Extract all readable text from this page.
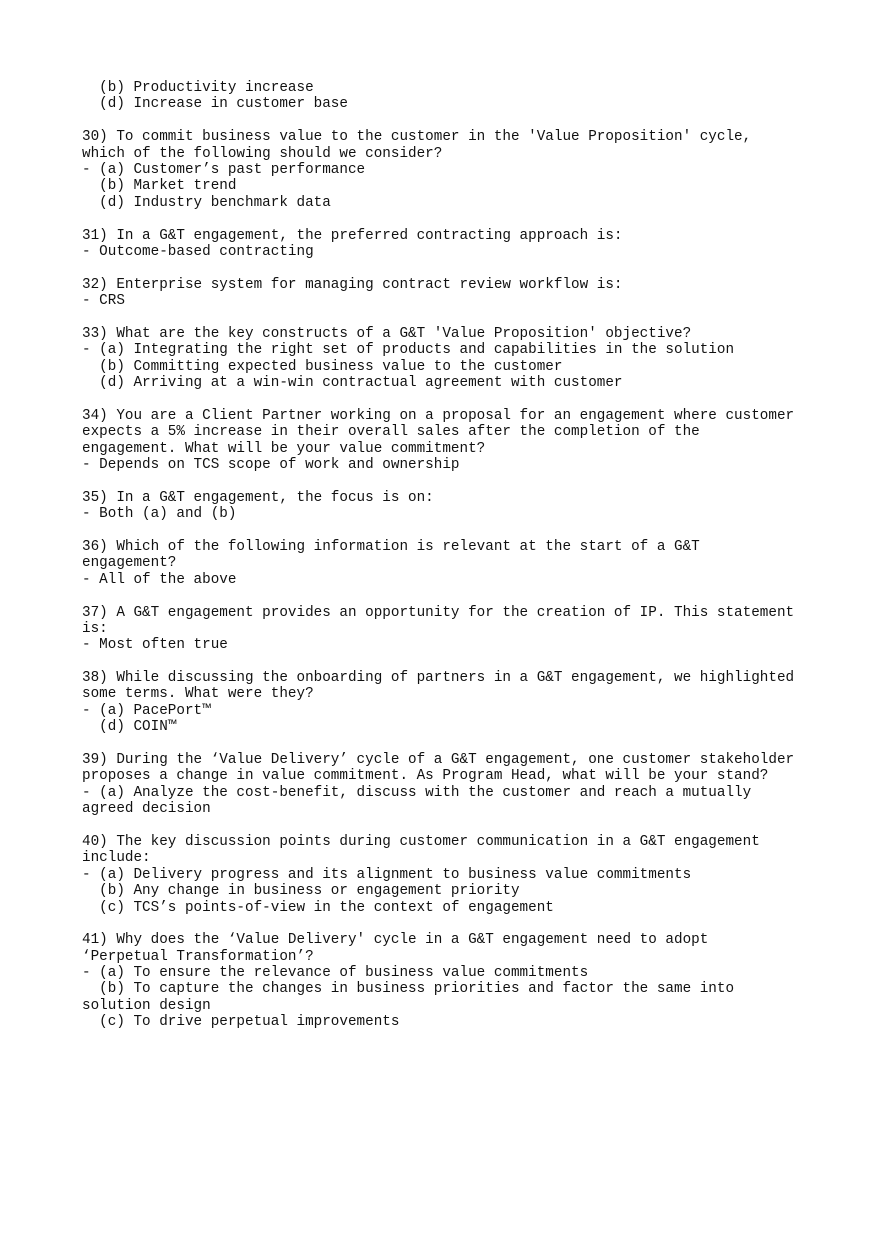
(b) Productivity increase
(d) Increase in customer base
30) To commit business value to the customer in the 'Value Proposition' cycle,
which of the following should we consider?
- (a) Customer’s past performance
(b) Market trend
(d) Industry benchmark data
31) In a G&T engagement, the preferred contracting approach is:
- Outcome-based contracting
32) Enterprise system for managing contract review workflow is:
- CRS
33) What are the key constructs of a G&T 'Value Proposition' objective?
- (a) Integrating the right set of products and capabilities in the solution
(b) Committing expected business value to the customer
(d) Arriving at a win-win contractual agreement with customer
34) You are a Client Partner working on a proposal for an engagement where customer
expects a 5% increase in their overall sales after the completion of the
engagement. What will be your value commitment?
- Depends on TCS scope of work and ownership
35) In a G&T engagement, the focus is on:
- Both (a) and (b)
36) Which of the following information is relevant at the start of a G&T
engagement?
- All of the above
37) A G&T engagement provides an opportunity for the creation of IP. This statement
is:
- Most often true
38) While discussing the onboarding of partners in a G&T engagement, we highlighted
some terms. What were they?
- (a) PacePort™
(d) COIN™
39) During the ‘Value Delivery’ cycle of a G&T engagement, one customer stakeholder
proposes a change in value commitment. As Program Head, what will be your stand?
- (a) Analyze the cost-benefit, discuss with the customer and reach a mutually
agreed decision
40) The key discussion points during customer communication in a G&T engagement
include:
- (a) Delivery progress and its alignment to business value commitments
(b) Any change in business or engagement priority
(c) TCS’s points-of-view in the context of engagement
41) Why does the ‘Value Delivery' cycle in a G&T engagement need to adopt
‘Perpetual Transformation’?
- (a) To ensure the relevance of business value commitments
(b) To capture the changes in business priorities and factor the same into
solution design
(c) To drive perpetual improvements
